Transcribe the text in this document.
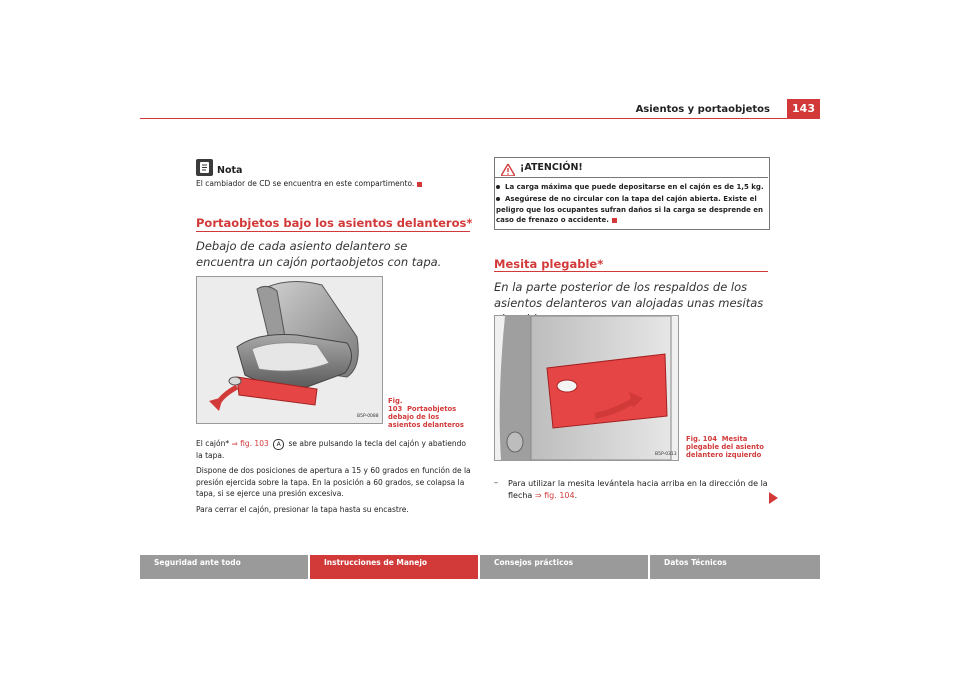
Asientos y portaobjetos	143
Nota
El cambiador de CD se encuentra en este compartimento.
Portaobjetos bajo los asientos delanteros*
Debajo de cada asiento delantero se encuentra un cajón portaobjetos con tapa.
B5P-0088
Fig. 103 Portaobjetos debajo de los asientos delanteros
El cajón* ⇒ fig. 103 A se abre pulsando la tecla del cajón y abatiendo la tapa.
Dispone de dos posiciones de apertura a 15 y 60 grados en función de la presión ejercida sobre la tapa. En la posición a 60 grados, se colapsa la tapa, si se ejerce una presión excesiva.
Para cerrar el cajón, presionar la tapa hasta su encastre.
¡ATENCIÓN!
La carga máxima que puede depositarse en el cajón es de 1,5 kg.
Asegúrese de no circular con la tapa del cajón abierta. Existe el peligro que los ocupantes sufran daños si la carga se desprende en caso de frenazo o accidente.
Mesita plegable*
En la parte posterior de los respaldos de los asientos delanteros van alojadas unas mesitas
B5P-0313
Fig. 104 Mesita plegable del asiento delantero izquierdo
–	Para utilizar la mesita levántela hacia arriba en la dirección de la flecha ⇒ fig. 104.
Seguridad ante todo	Instrucciones de Manejo	Consejos prácticos	Datos Técnicos
